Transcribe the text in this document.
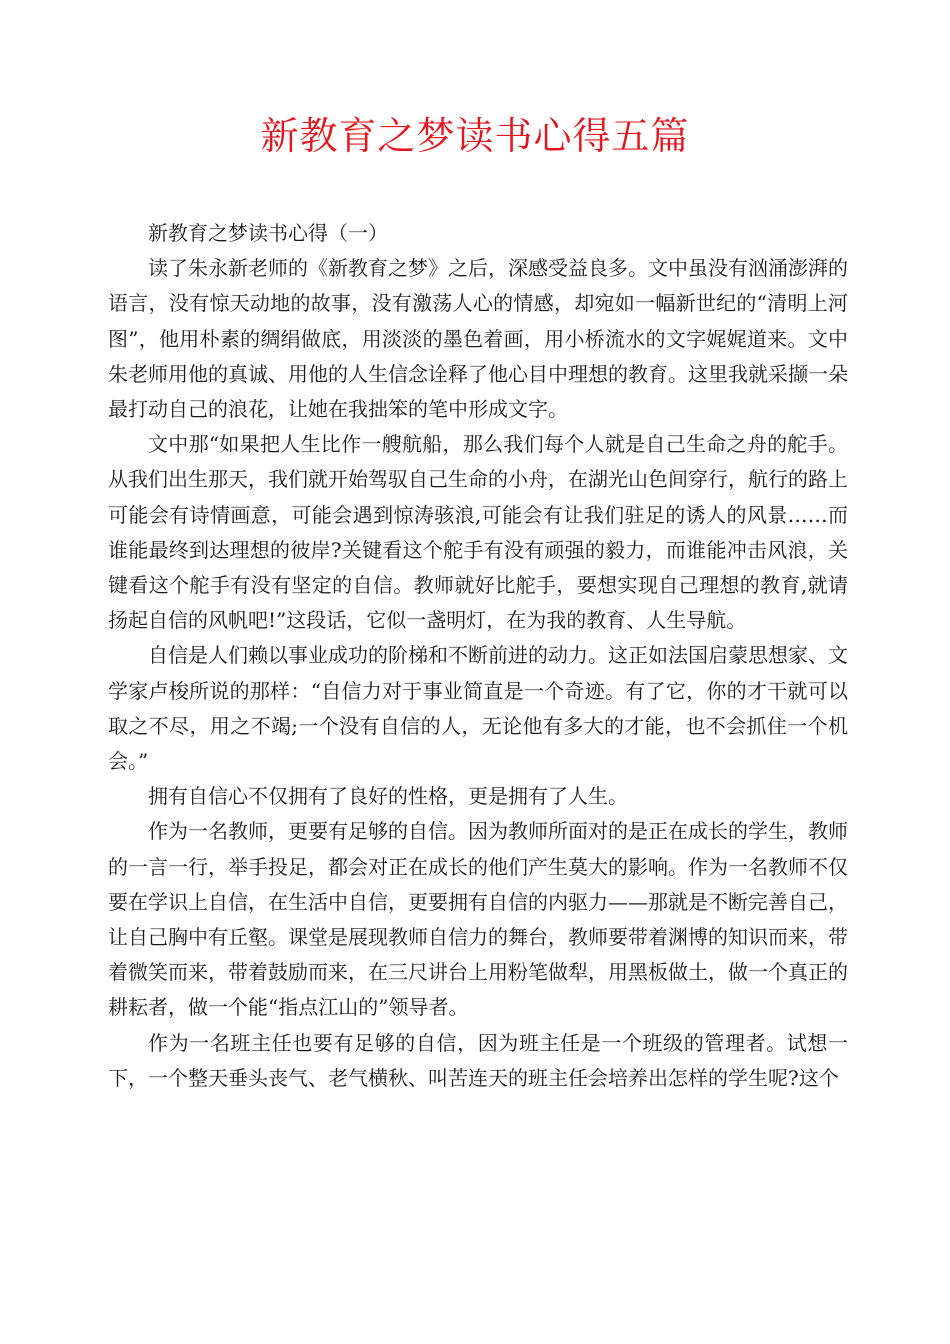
新教育之梦读书心得五篇

新教育之梦读书心得（一）

读了朱永新老师的《新教育之梦》之后，深感受益良多。文中虽没有汹涌澎湃的语言，没有惊天动地的故事，没有激荡人心的情感，却宛如一幅新世纪的“清明上河图”，他用朴素的绸绢做底，用淡淡的墨色着画，用小桥流水的文字娓娓道来。文中朱老师用他的真诚、用他的人生信念诠释了他心目中理想的教育。这里我就采撷一朵最打动自己的浪花，让她在我拙笨的笔中形成文字。

文中那“如果把人生比作一艘航船，那么我们每个人就是自己生命之舟的舵手。从我们出生那天，我们就开始驾驭自己生命的小舟，在湖光山色间穿行，航行的路上可能会有诗情画意，可能会遇到惊涛骇浪,可能会有让我们驻足的诱人的风景……而谁能最终到达理想的彼岸?关键看这个舵手有没有顽强的毅力，而谁能冲击风浪，关键看这个舵手有没有坚定的自信。教师就好比舵手，要想实现自己理想的教育,就请扬起自信的风帆吧!”这段话，它似一盏明灯，在为我的教育、人生导航。

自信是人们赖以事业成功的阶梯和不断前进的动力。这正如法国启蒙思想家、文学家卢梭所说的那样：“自信力对于事业简直是一个奇迹。有了它，你的才干就可以取之不尽，用之不竭;一个没有自信的人，无论他有多大的才能，也不会抓住一个机会。”

拥有自信心不仅拥有了良好的性格，更是拥有了人生。

作为一名教师，更要有足够的自信。因为教师所面对的是正在成长的学生，教师的一言一行，举手投足，都会对正在成长的他们产生莫大的影响。作为一名教师不仅要在学识上自信，在生活中自信，更要拥有自信的内驱力——那就是不断完善自己，让自己胸中有丘壑。课堂是展现教师自信力的舞台，教师要带着渊博的知识而来，带着微笑而来，带着鼓励而来，在三尺讲台上用粉笔做犁，用黑板做土，做一个真正的耕耘者，做一个能“指点江山的”领导者。

作为一名班主任也要有足够的自信，因为班主任是一个班级的管理者。试想一下，一个整天垂头丧气、老气横秋、叫苦连天的班主任会培养出怎样的学生呢?这个
